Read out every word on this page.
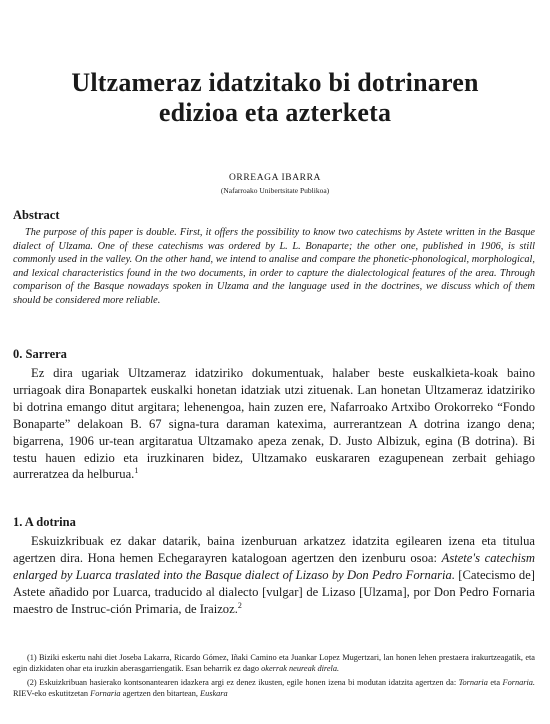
Ultzameraz idatzitako bi dotrinaren
edizioa eta azterketa
ORREAGA IBARRA
(Nafarroako Unibertsitate Publikoa)
Abstract

The purpose of this paper is double. First, it offers the possibility to know two catechisms by Astete written in the Basque dialect of Ulzama. One of these catechisms was ordered by L. L. Bonaparte; the other one, published in 1906, is still commonly used in the valley. On the other hand, we intend to analise and compare the phonetic-phonological, morphological, and lexical characteristics found in the two documents, in order to capture the dialectological features of the area. Through comparison of the Basque nowadays spoken in Ulzama and the language used in the doctrines, we discuss which of them should be considered more reliable.

0. Sarrera

Ez dira ugariak Ultzameraz idatziriko dokumentuak, halaber beste euskalkieta-koak baino urriagoak dira Bonapartek euskalki honetan idatziak utzi zituenak. Lan honetan Ultzameraz idatziriko bi dotrina emango ditut argitara; lehenengoa, hain zuzen ere, Nafarroako Artxibo Orokorreko “Fondo Bonaparte” delakoan B. 67 signa-tura daraman katexima, aurrerantzean A dotrina izango dena; bigarrena, 1906 ur-tean argitaratua Ultzamako apeza zenak, D. Justo Albizuk, egina (B dotrina). Bi testu hauen edizio eta iruzkinaren bidez, Ultzamako euskararen ezagupenean zerbait gehiago aurreratzea da helburua.$^1$

1. A dotrina

Eskuizkribuak ez dakar datarik, baina izenburuan arkatzez idatzita egilearen izena eta titulua agertzen dira. Hona hemen Echegarayren katalogoan agertzen den izenburu osoa: Astete's catechism enlarged by Luarca traslated into the Basque dialect of Lizaso by Don Pedro Fornaria. [Catecismo de] Astete añadido por Luarca, traducido al dialecto [vulgar] de Lizaso [Ulzama], por Don Pedro Fornaria maestro de Instruc-ción Primaria, de Iraizoz.$^2$

(1) Biziki eskertu nahi diet Joseba Lakarra, Ricardo Gómez, Iñaki Camino eta Juankar Lopez Mugertzari, lan honen lehen prestaera irakurtzeagatik, eta egin dizkidaten ohar eta iruzkin aberasgarriengatik. Esan beharrik ez dago okerrak neureak direla.

(2) Eskuizkribuan hasierako kontsonantearen idazkera argi ez denez ikusten, egile honen izena bi modutan idatzita agertzen da: Tornaria eta Fornaria. RIEV-eko eskutitzetan Fornaria agertzen den bitartean, Euskara
